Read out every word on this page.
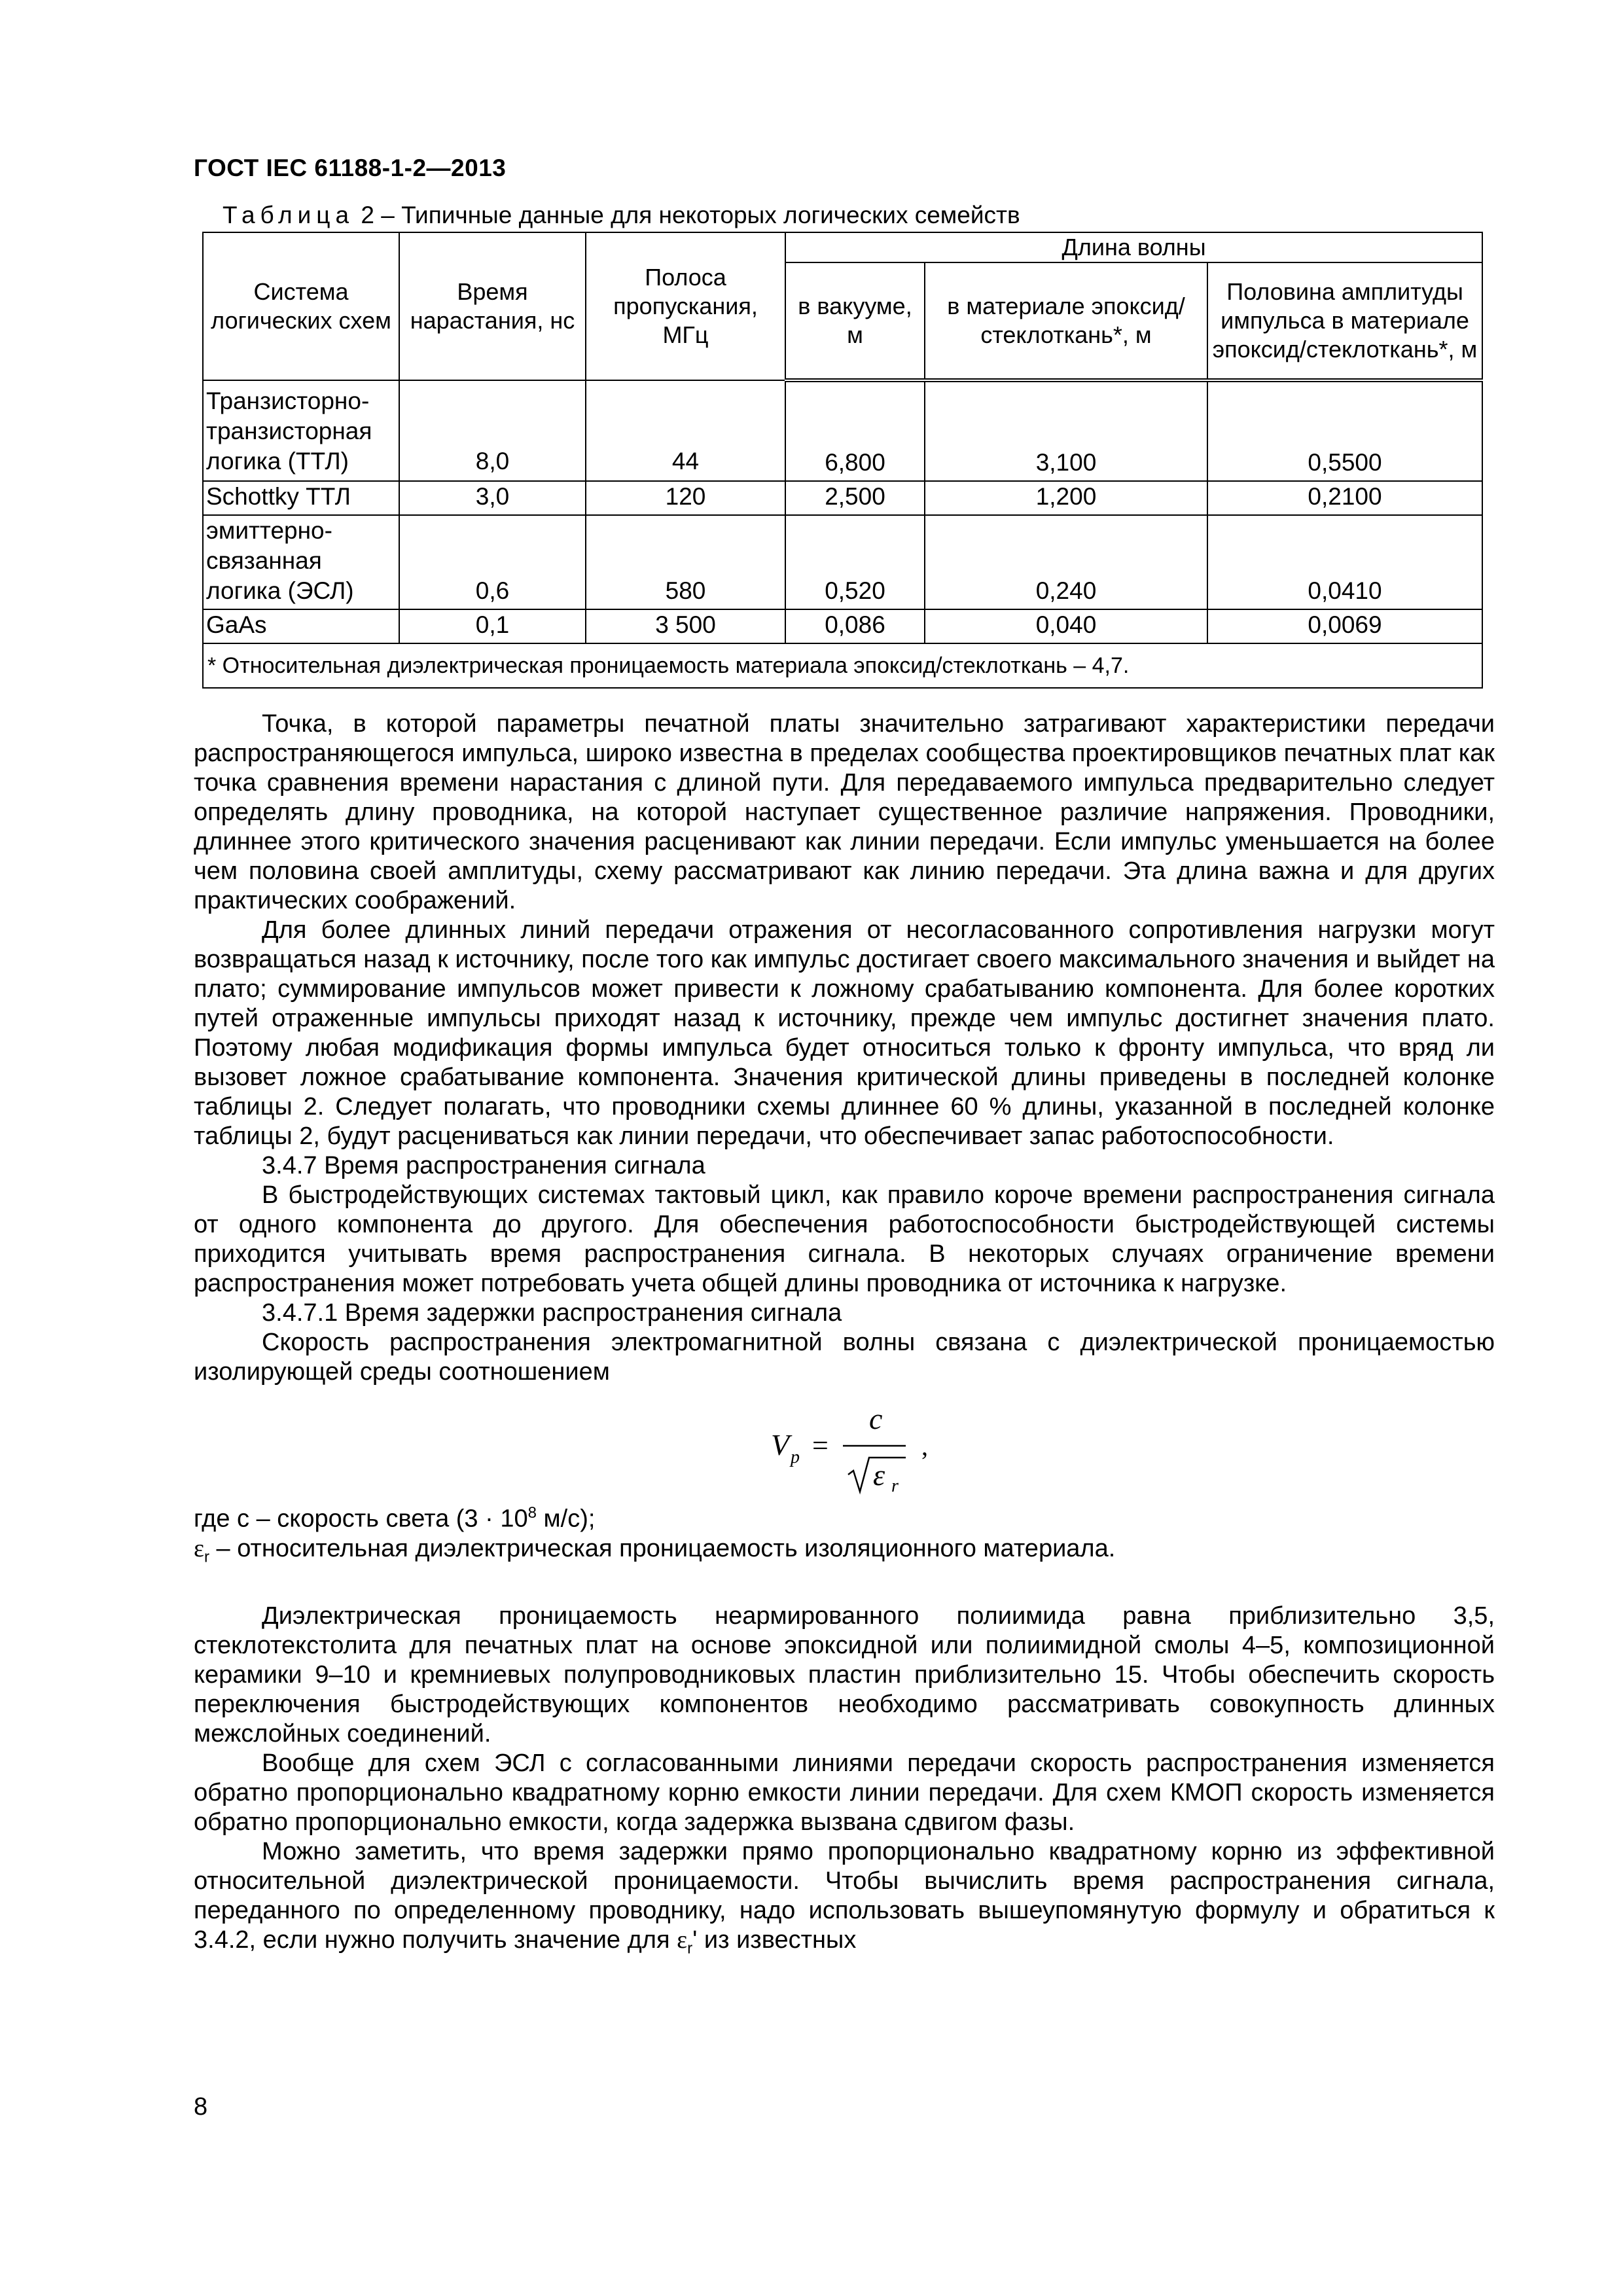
ГОСТ IEC 61188-1-2—2013
Таблица 2 – Типичные данные для некоторых логических семейств
Система логических схем	Время нарастания, нс	Полоса пропускания, МГц	Длина волны		
			в вакууме, м	в материале эпоксид/стеклоткань*, м	Половина амплитуды импульса в материале эпоксид/стеклоткань*, м

Транзисторно-
транзисторная
логика (ТТЛ)	8,0	44	6,800	3,100	0,5500

Schottky ТТЛ	3,0	120	2,500	1,200	0,2100

эмиттерно-
связанная
логика (ЭСЛ)	0,6	580	0,520	0,240	0,0410

GaAs	0,1	3 500	0,086	0,040	0,0069

* Относительная диэлектрическая проницаемость материала эпоксид/стеклоткань – 4,7.					

Точка, в которой параметры печатной платы значительно затрагивают характеристики передачи распространяющегося импульса, широко известна в пределах сообщества проектировщиков печатных плат как точка сравнения времени нарастания с длиной пути. Для передаваемого импульса предварительно следует определять длину проводника, на которой наступает существенное различие напряжения. Проводники, длиннее этого критического значения расценивают как линии передачи. Если импульс уменьшается на более чем половина своей амплитуды, схему рассматривают как линию передачи. Эта длина важна и для других практических соображений.

Для более длинных линий передачи отражения от несогласованного сопротивления нагрузки могут возвращаться назад к источнику, после того как импульс достигает своего максимального значения и выйдет на плато; суммирование импульсов может привести к ложному срабатыванию компонента. Для более коротких путей отраженные импульсы приходят назад к источнику, прежде чем импульс достигнет значения плато. Поэтому любая модификация формы импульса будет относиться только к фронту импульса, что вряд ли вызовет ложное срабатывание компонента. Значения критической длины приведены в последней колонке таблицы 2. Следует полагать, что проводники схемы длиннее 60 % длины, указанной в последней колонке таблицы 2, будут расцениваться как линии передачи, что обеспечивает запас работоспособности.

3.4.7 Время распространения сигнала

В быстродействующих системах тактовый цикл, как правило короче времени распространения сигнала от одного компонента до другого. Для обеспечения работоспособности быстродействующей системы приходится учитывать время распространения сигнала. В некоторых случаях ограничение времени распространения может потребовать учета общей длины проводника от источника к нагрузке.

3.4.7.1 Время задержки распространения сигнала

Скорость распространения электромагнитной волны связана с диэлектрической проницаемостью изолирующей среды соотношением

V p =
c
ε r
,

где с – скорость света ($3 \cdot 10^8$ м/с);

$\varepsilon_r$ – относительная диэлектрическая проницаемость изоляционного материала.

Диэлектрическая проницаемость неармированного полиимида равна приблизительно 3,5, стеклотекстолита для печатных плат на основе эпоксидной или полиимидной смолы 4–5, композиционной керамики 9–10 и кремниевых полупроводниковых пластин приблизительно 15. Чтобы обеспечить скорость переключения быстродействующих компонентов необходимо рассматривать совокупность длинных межслойных соединений.

Вообще для схем ЭСЛ с согласованными линиями передачи скорость распространения изменяется обратно пропорционально квадратному корню емкости линии передачи. Для схем КМОП скорость изменяется обратно пропорционально емкости, когда задержка вызвана сдвигом фазы.

Можно заметить, что время задержки прямо пропорционально квадратному корню из эффективной относительной диэлектрической проницаемости. Чтобы вычислить время распространения сигнала, переданного по определенному проводнику, надо использовать вышеупомянутую формулу и обратиться к 3.4.2, если нужно получить значение для $\varepsilon_r'$ из известных

8
